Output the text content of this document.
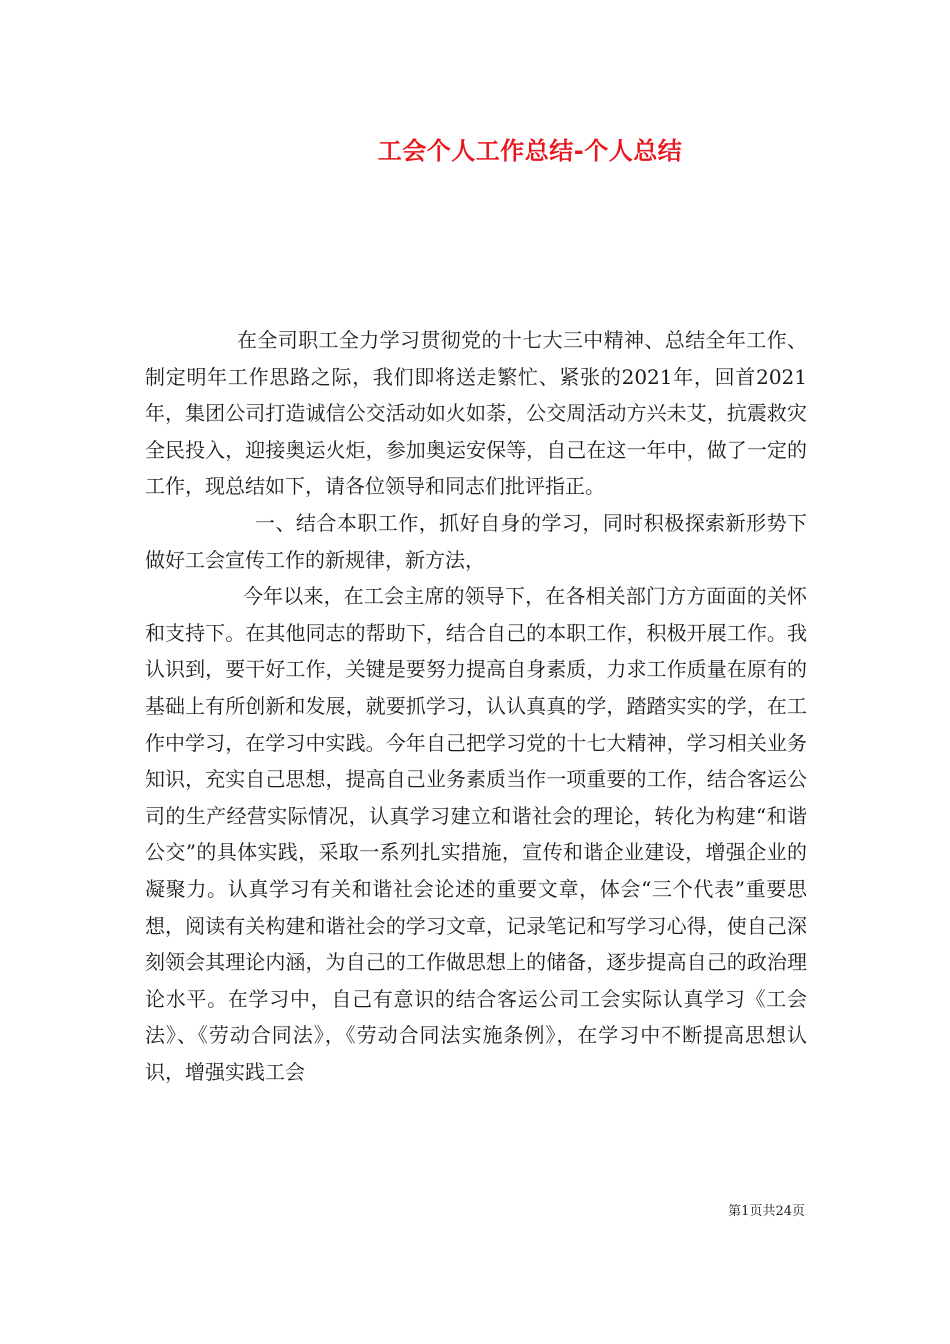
工会个人工作总结-个人总结

在全司职工全力学习贯彻党的十七大三中精神、总结全年工作、制定明年工作思路之际，我们即将送走繁忙、紧张的2021年，回首2021年，集团公司打造诚信公交活动如火如荼，公交周活动方兴未艾，抗震救灾全民投入，迎接奥运火炬，参加奥运安保等，自己在这一年中，做了一定的工作，现总结如下，请各位领导和同志们批评指正。

一、结合本职工作，抓好自身的学习，同时积极探索新形势下做好工会宣传工作的新规律，新方法，

今年以来，在工会主席的领导下，在各相关部门方方面面的关怀和支持下。在其他同志的帮助下，结合自己的本职工作，积极开展工作。我认识到，要干好工作，关键是要努力提高自身素质，力求工作质量在原有的基础上有所创新和发展，就要抓学习，认认真真的学，踏踏实实的学，在工作中学习，在学习中实践。今年自己把学习党的十七大精神，学习相关业务知识，充实自己思想，提高自己业务素质当作一项重要的工作，结合客运公司的生产经营实际情况，认真学习建立和谐社会的理论，转化为构建“和谐公交”的具体实践，采取一系列扎实措施，宣传和谐企业建设，增强企业的凝聚力。认真学习有关和谐社会论述的重要文章，体会“三个代表”重要思想，阅读有关构建和谐社会的学习文章，记录笔记和写学习心得，使自己深刻领会其理论内涵，为自己的工作做思想上的储备，逐步提高自己的政治理论水平。在学习中，自己有意识的结合客运公司工会实际认真学习《工会法》、《劳动合同法》，《劳动合同法实施条例》，在学习中不断提高思想认识，增强实践工会

第1页共24页
